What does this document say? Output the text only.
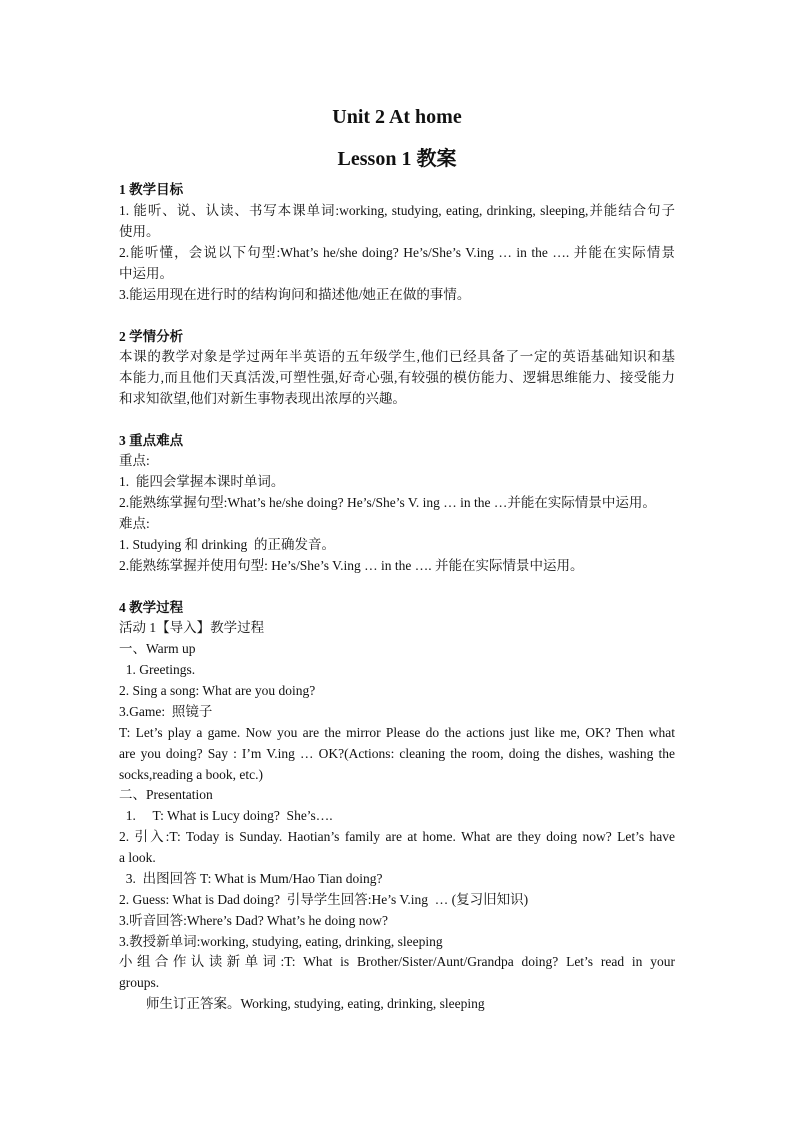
Unit 2 At home
Lesson 1 教案
1 教学目标
1. 能听、说、认读、书写本课单词:working, studying, eating, drinking, sleeping,并能结合句子
使用。
2.能听懂，会说以下句型:What’s he/she doing? He’s/She’s V.ing … in the …. 并能在实际情景
中运用。
3.能运用现在进行时的结构询问和描述他/她正在做的事情。
2 学情分析
本课的教学对象是学过两年半英语的五年级学生,他们已经具备了一定的英语基础知识和基
本能力,而且他们天真活泼,可塑性强,好奇心强,有较强的模仿能力、逻辑思维能力、接受能力
和求知欲望,他们对新生事物表现出浓厚的兴趣。
3 重点难点
重点:
1.  能四会掌握本课时单词。
2.能熟练掌握句型:What’s he/she doing? He’s/She’s V. ing … in the …并能在实际情景中运用。
难点:
1. Studying 和 drinking  的正确发音。
2.能熟练掌握并使用句型: He’s/She’s V.ing … in the …. 并能在实际情景中运用。
4 教学过程
活动 1【导入】教学过程
一、Warm up
1. Greetings.
2. Sing a song: What are you doing?
3.Game:  照镜子
T: Let’s play a game. Now you are the mirror Please do the actions just like me, OK? Then what
are you doing? Say : I’m V.ing … OK?(Actions: cleaning the room, doing the dishes, washing the
socks,reading a book, etc.)
二、Presentation
1.     T: What is Lucy doing?  She’s….
2. 引入:T: Today is Sunday. Haotian’s family are at home. What are they doing now? Let’s have
a look.
3.  出图回答 T: What is Mum/Hao Tian doing?
2. Guess: What is Dad doing?  引导学生回答:He’s V.ing  … (复习旧知识)
3.听音回答:Where’s Dad? What’s he doing now?
3.教授新单词:working, studying, eating, drinking, sleeping
小组合作认读新单词:T: What is Brother/Sister/Aunt/Grandpa doing? Let’s read in your
groups.
师生订正答案。Working, studying, eating, drinking, sleeping
